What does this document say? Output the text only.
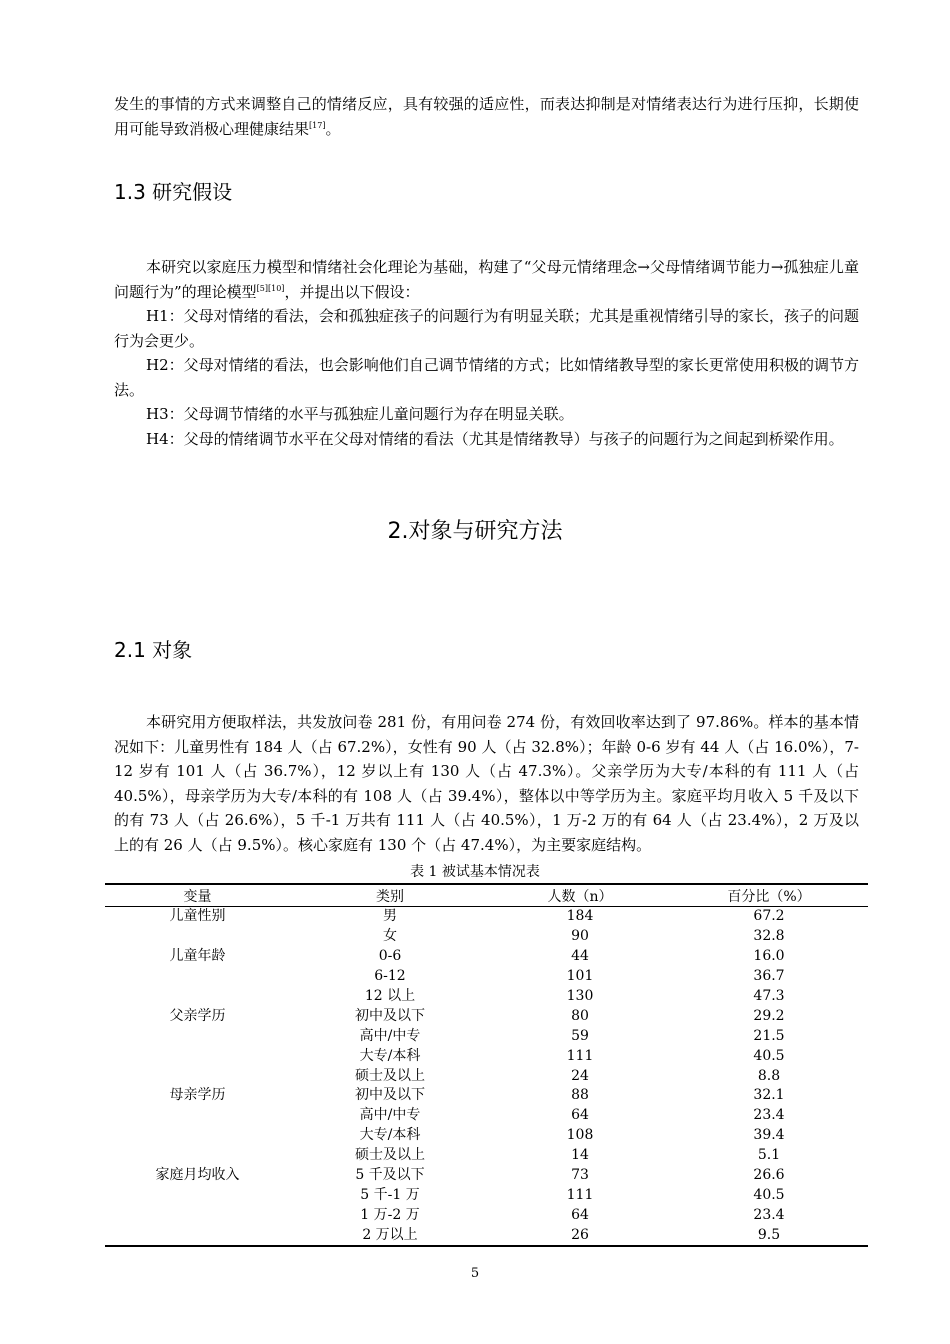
发生的事情的方式来调整自己的情绪反应，具有较强的适应性，而表达抑制是对情绪表达行为进行压抑，长期使用可能导致消极心理健康结果[17]。

1.3 研究假设

本研究以家庭压力模型和情绪社会化理论为基础，构建了“父母元情绪理念→父母情绪调节能力→孤独症儿童问题行为”的理论模型[5][10]，并提出以下假设：

H1：父母对情绪的看法，会和孤独症孩子的问题行为有明显关联；尤其是重视情绪引导的家长，孩子的问题行为会更少。

H2：父母对情绪的看法，也会影响他们自己调节情绪的方式；比如情绪教导型的家长更常使用积极的调节方法。

H3：父母调节情绪的水平与孤独症儿童问题行为存在明显关联。

H4：父母的情绪调节水平在父母对情绪的看法（尤其是情绪教导）与孩子的问题行为之间起到桥梁作用。

2.对象与研究方法
2.1 对象

本研究用方便取样法，共发放问卷 281 份，有用问卷 274 份，有效回收率达到了 97.86%。样本的基本情况如下：儿童男性有 184 人（占 67.2%），女性有 90 人（占 32.8%）；年龄 0-6 岁有 44 人（占 16.0%），7-12 岁有 101 人（占 36.7%），12 岁以上有 130 人（占 47.3%）。父亲学历为大专/本科的有 111 人（占 40.5%），母亲学历为大专/本科的有 108 人（占 39.4%），整体以中等学历为主。家庭平均月收入 5 千及以下的有 73 人（占 26.6%），5 千-1 万共有 111 人（占 40.5%），1 万-2 万的有 64 人（占 23.4%），2 万及以上的有 26 人（占 9.5%）。核心家庭有 130 个（占 47.4%），为主要家庭结构。

表 1 被试基本情况表
变量	类别	人数（n）	百分比（%）
儿童性别	男	184	67.2
	女	90	32.8
儿童年龄	0-6	44	16.0
	6-12	101	36.7
	12 以上	130	47.3
父亲学历	初中及以下	80	29.2
	高中/中专	59	21.5
	大专/本科	111	40.5
	硕士及以上	24	8.8
母亲学历	初中及以下	88	32.1
	高中/中专	64	23.4
	大专/本科	108	39.4
	硕士及以上	14	5.1
家庭月均收入	5 千及以下	73	26.6
	5 千-1 万	111	40.5
	1 万-2 万	64	23.4
	2 万以上	26	9.5
5
